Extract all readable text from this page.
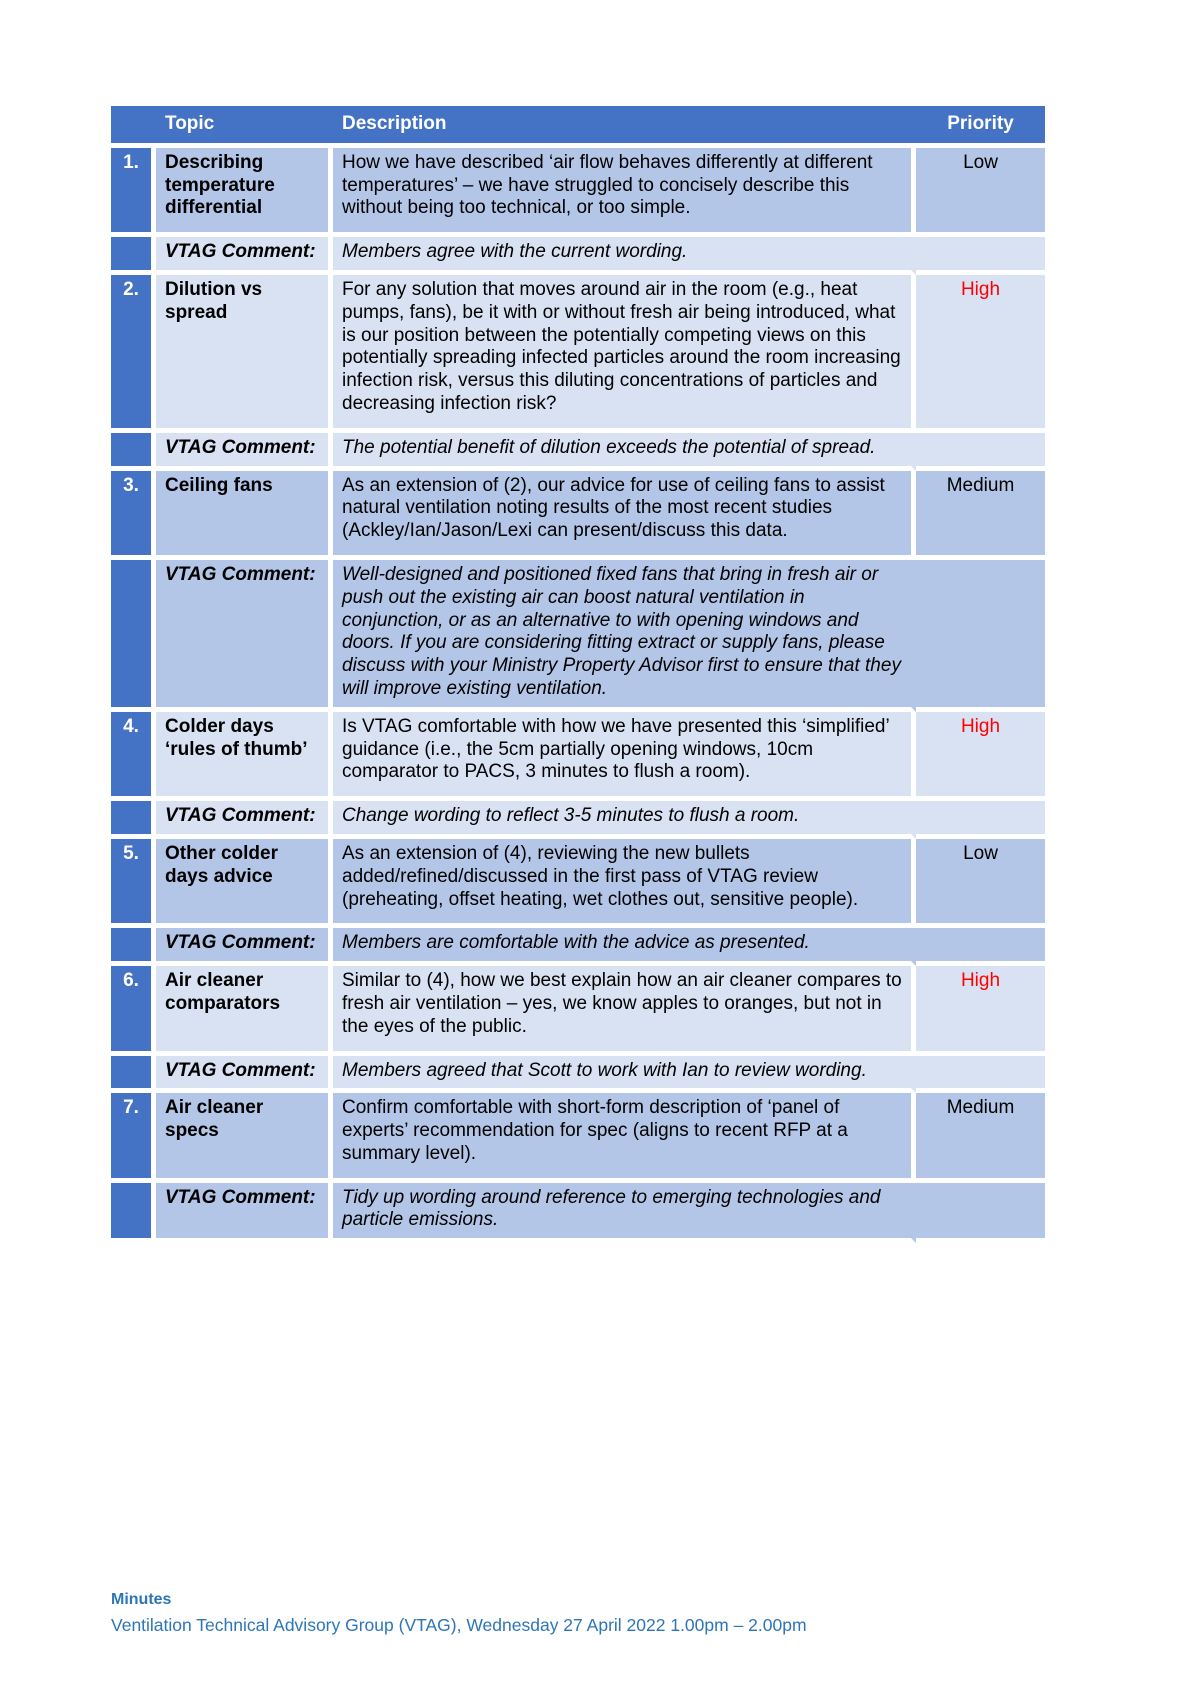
Topic Description Priority			

1.	Describing temperature differential	How we have described ‘air flow behaves differently at different temperatures’ – we have struggled to concisely describe this without being too technical, or too simple.	Low
	VTAG Comment:	Members agree with the current wording.	
2.	Dilution vs spread	For any solution that moves around air in the room (e.g., heat pumps, fans), be it with or without fresh air being introduced, what is our position between the potentially competing views on this potentially spreading infected particles around the room increasing infection risk, versus this diluting concentrations of particles and decreasing infection risk?	High
	VTAG Comment:	The potential benefit of dilution exceeds the potential of spread.	
3.	Ceiling fans	As an extension of (2), our advice for use of ceiling fans to assist natural ventilation noting results of the most recent studies (Ackley/Ian/Jason/Lexi can present/discuss this data.	Medium
	VTAG Comment:	Well-designed and positioned fixed fans that bring in fresh air or push out the existing air can boost natural ventilation in conjunction, or as an alternative to with opening windows and doors. If you are considering fitting extract or supply fans, please discuss with your Ministry Property Advisor first to ensure that they will improve existing ventilation.	
4.	Colder days ‘rules of thumb’	Is VTAG comfortable with how we have presented this ‘simplified’ guidance (i.e., the 5cm partially opening windows, 10cm comparator to PACS, 3 minutes to flush a room).	High
	VTAG Comment:	Change wording to reflect 3-5 minutes to flush a room.	
5.	Other colder days advice	As an extension of (4), reviewing the new bullets added/refined/discussed in the first pass of VTAG review (preheating, offset heating, wet clothes out, sensitive people).	Low
	VTAG Comment:	Members are comfortable with the advice as presented.	
6.	Air cleaner comparators	Similar to (4), how we best explain how an air cleaner compares to fresh air ventilation – yes, we know apples to oranges, but not in the eyes of the public.	High
	VTAG Comment:	Members agreed that Scott to work with Ian to review wording.	
7.	Air cleaner specs	Confirm comfortable with short-form description of ‘panel of experts’ recommendation for spec (aligns to recent RFP at a summary level).	Medium
	VTAG Comment:	Tidy up wording around reference to emerging technologies and particle emissions.	
Minutes
Ventilation Technical Advisory Group (VTAG), Wednesday 27 April 2022 1.00pm – 2.00pm
